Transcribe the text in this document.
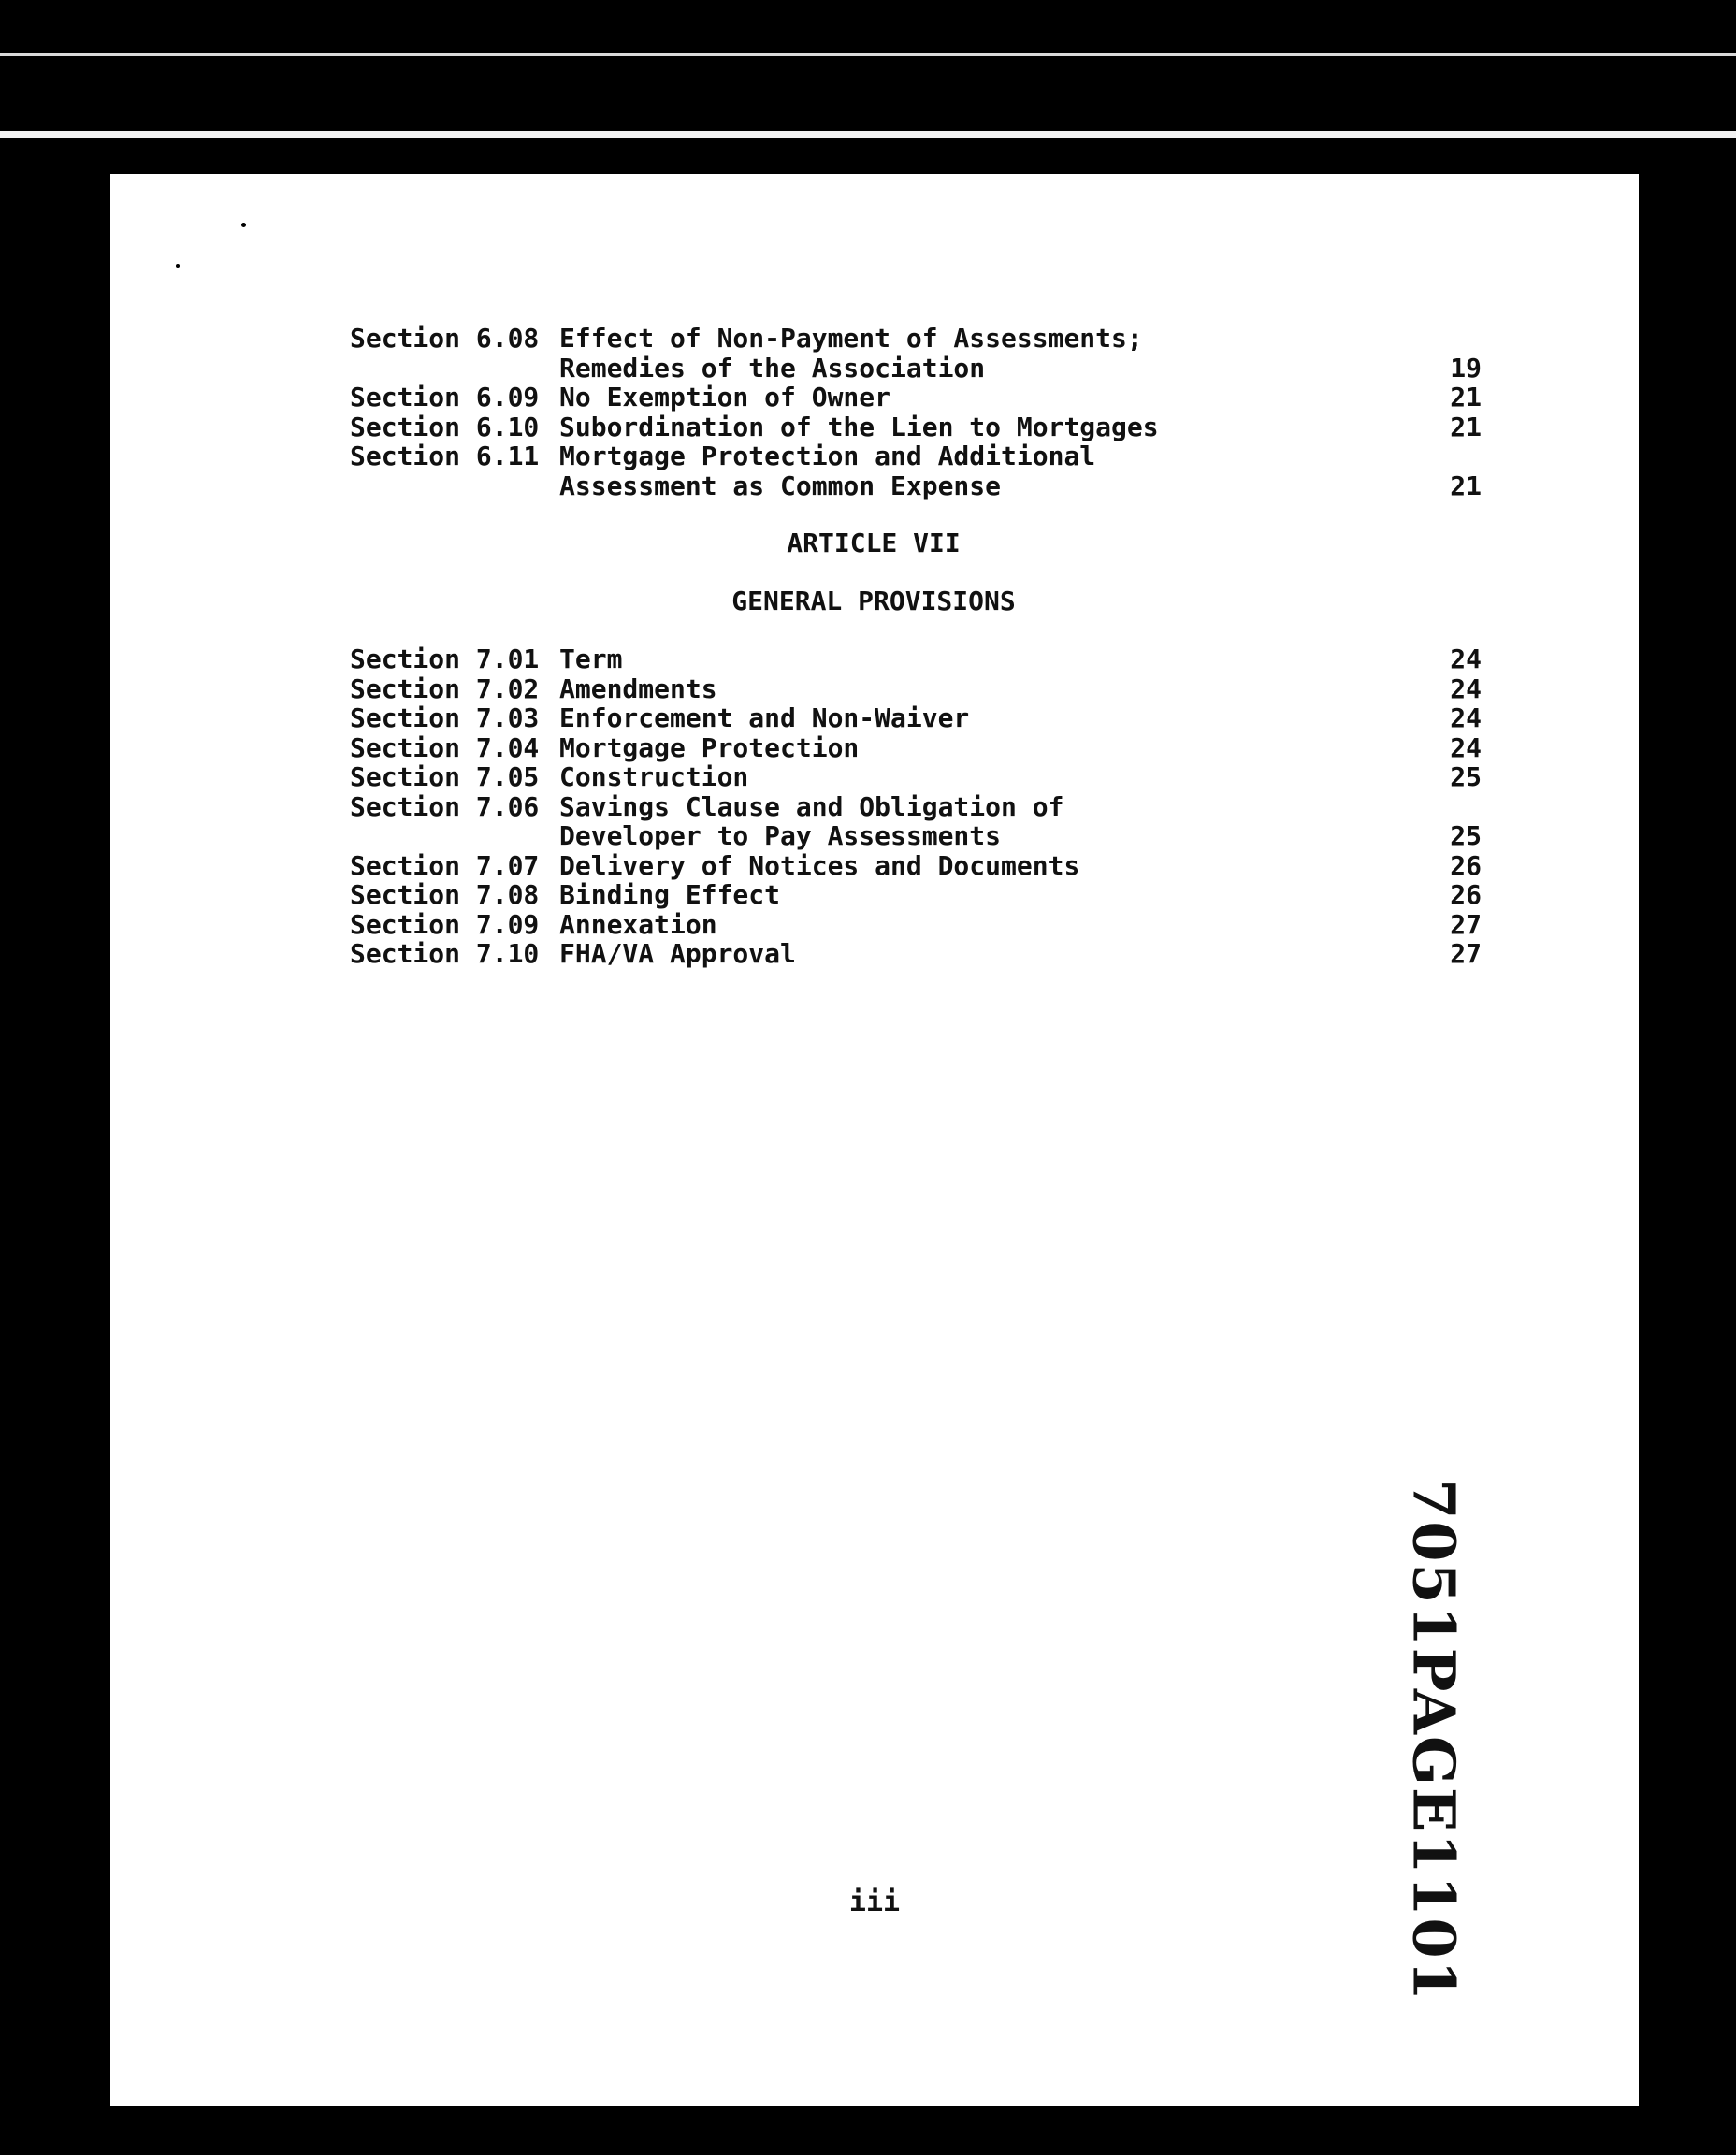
Section 6.08 Effect of Non-Payment of Assessments;
Remedies of the Association	19
Section 6.09 No Exemption of Owner	21
Section 6.10 Subordination of the Lien to Mortgages	21
Section 6.11 Mortgage Protection and Additional
Assessment as Common Expense	21
ARTICLE VII
GENERAL PROVISIONS
Section 7.01 Term	24
Section 7.02 Amendments	24
Section 7.03 Enforcement and Non-Waiver	24
Section 7.04 Mortgage Protection	24
Section 7.05 Construction	25
Section 7.06 Savings Clause and Obligation of
Developer to Pay Assessments	25
Section 7.07 Delivery of Notices and Documents	26
Section 7.08 Binding Effect	26
Section 7.09 Annexation	27
Section 7.10 FHA/VA Approval	27
iii	7051PAGE1101
